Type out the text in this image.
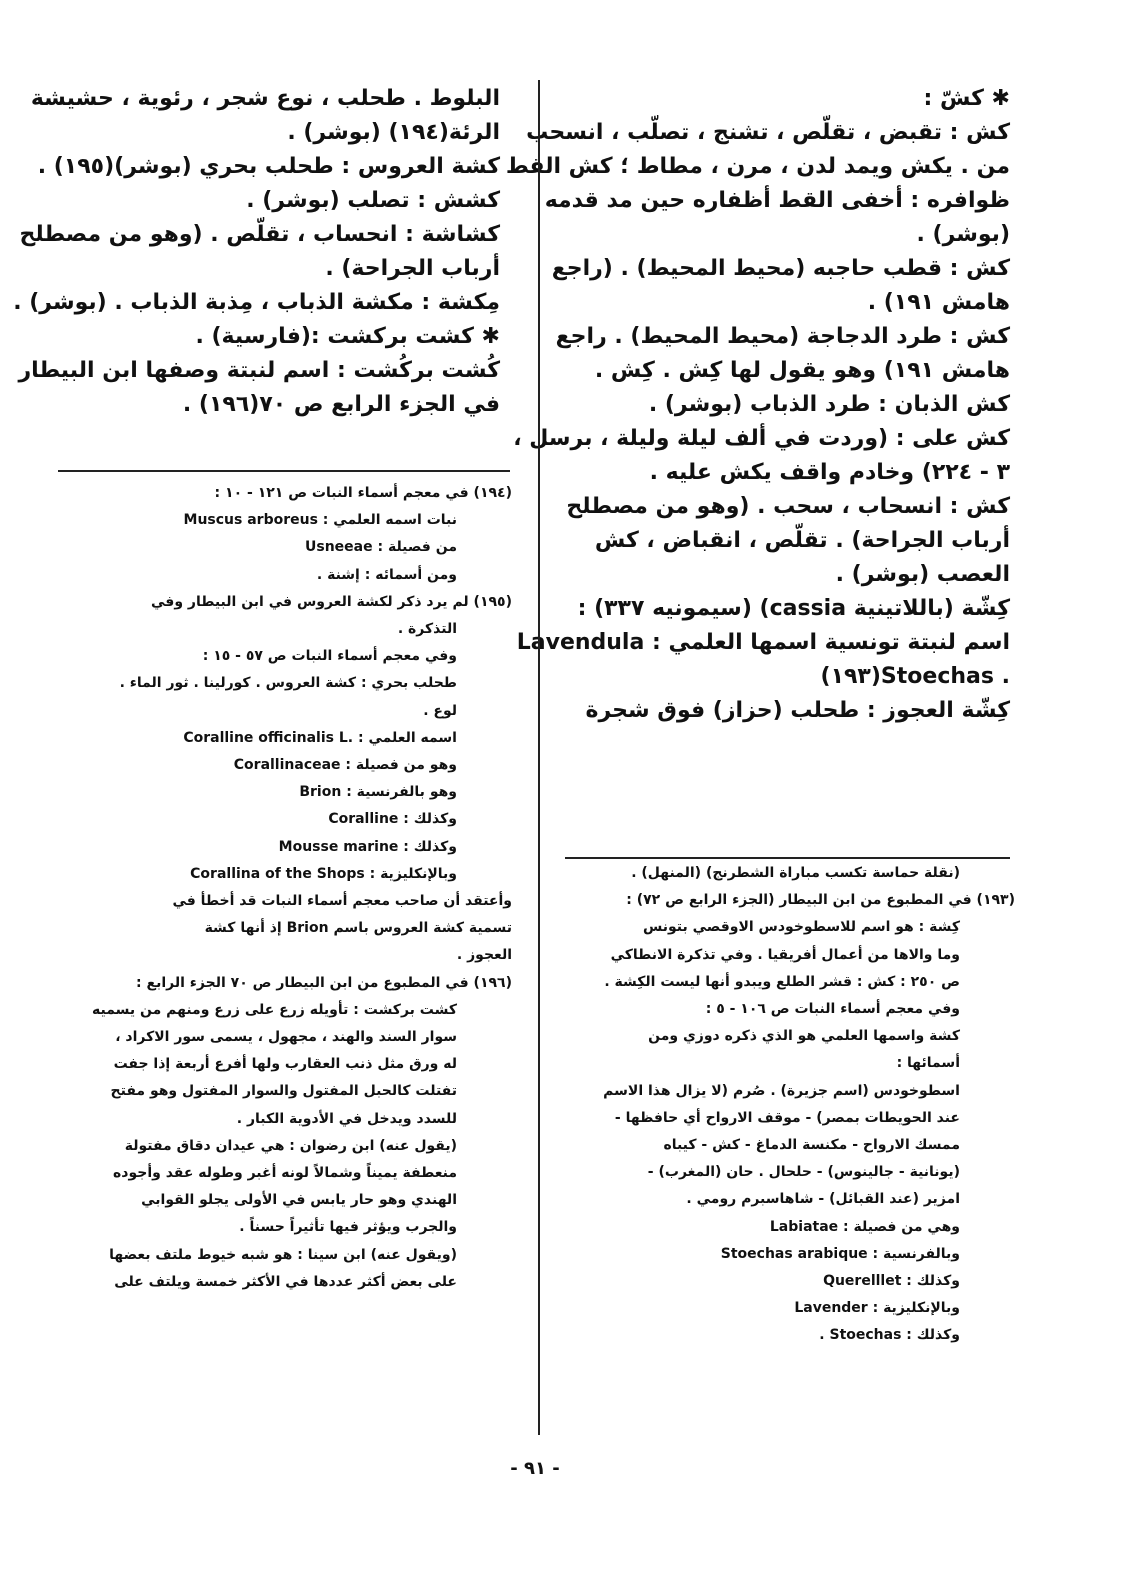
✱ كشّ :
كش : تقبض ، تقلّص ، تشنج ، تصلّب ، انسحب
من . يكش ويمد لدن ، مرن ، مطاط ؛ كش القط
ظوافره : أخفى القط أظفاره حين مد قدمه
(بوشر) .
كش : قطب حاجبه (محيط المحيط) . (راجع
هامش ١٩١) .
كش : طرد الدجاجة (محيط المحيط) . راجع
هامش ١٩١) وهو يقول لها كِش . كِش .
كش الذبان : طرد الذباب (بوشر) .
كش على : (وردت في ألف ليلة وليلة ، برسل ،
٣ - ٢٢٤) وخادم واقف يكش عليه .
كش : انسحاب ، سحب . (وهو من مصطلح
أرباب الجراحة) . تقلّص ، انقباض ، كش
العصب (بوشر) .
كِشّة (باللاتينية cassia) (سيمونيه ٣٣٧) :
اسم لنبتة تونسية اسمها العلمي : Lavendula
. Stoechas(١٩٣)
كِشّة العجوز : طحلب (حزاز) فوق شجرة
البلوط . طحلب ، نوع شجر ، رئوية ، حشيشة
الرئة(١٩٤) (بوشر) .
كشة العروس : طحلب بحري (بوشر)(١٩٥) .
كشش : تصلب (بوشر) .
كشاشة : انحساب ، تقلّص . (وهو من مصطلح
أرباب الجراحة) .
مِكشة : مكشة الذباب ، مِذبة الذباب . (بوشر) .
✱ كشت بركشت :(فارسية) .
كُشت بركُشت : اسم لنبتة وصفها ابن البيطار
في الجزء الرابع ص ٧٠(١٩٦) .
(١٩٤) في معجم أسماء النبات ص ١٢١ - ١٠ :
نبات اسمه العلمي : Muscus arboreus
من فصيلة : Usneeae
ومن أسمائه : إشنة .
(١٩٥) لم يرد ذكر لكشة العروس في ابن البيطار وفي
التذكرة .
وفي معجم أسماء النبات ص ٥٧ - ١٥ :
طحلب بحري : كشة العروس . كورلينا . ثور الماء .
لوع .
اسمه العلمي : .Coralline officinalis L
وهو من فصيلة : Corallinaceae
وهو بالفرنسية : Brion
وكذلك : Coralline
وكذلك : Mousse marine
وبالإنكليزية : Corallina of the Shops
وأعتقد أن صاحب معجم أسماء النبات قد أخطأ في
تسمية كشة العروس باسم Brion إذ أنها كشة
العجوز .
(١٩٦) في المطبوع من ابن البيطار ص ٧٠ الجزء الرابع :
كشت بركشت : تأويله زرع على زرع ومنهم من يسميه
سوار السند والهند ، مجهول ، يسمى سور الاكراد ،
له ورق مثل ذنب العقارب ولها أفرع أربعة إذا جفت
تفتلت كالحبل المفتول والسوار المفتول وهو مفتح
للسدد ويدخل في الأدوية الكبار .
(يقول عنه) ابن رضوان : هي عيدان دقاق مفتولة
منعطفة يميناً وشمالاً لونه أغبر وطوله عقد وأجوده
الهندي وهو حار يابس في الأولى يجلو القوابي
والجرب ويؤثر فيها تأثيراً حسناً .
(ويقول عنه) ابن سينا : هو شبه خيوط ملتف بعضها
على بعض أكثر عددها في الأكثر خمسة ويلتف على
(نقلة حماسة تكسب مباراة الشطرنج) (المنهل) .
(١٩٣) في المطبوع من ابن البيطار (الجزء الرابع ص ٧٢) :
كِشة : هو اسم للاسطوخودس الاوقصي بتونس
وما والاها من أعمال أفريقيا . وفي تذكرة الانطاكي
ص ٢٥٠ : كش : قشر الطلع ويبدو أنها ليست الكِشة .
وفي معجم أسماء النبات ص ١٠٦ - ٥ :
كشة واسمها العلمي هو الذي ذكره دوزي ومن
أسمائها :
اسطوخودس (اسم جزيرة) . صُرم (لا يزال هذا الاسم
عند الحويطات بمصر) - موقف الارواح أي حافظها -
ممسك الارواح - مكنسة الدماغ - كش - كيباه
(يونانية - جالينوس) - حلحال . حان (المغرب) -
امزير (عند القبائل) - شاهاسبرم رومي .
وهي من فصيلة : Labiatae
وبالفرنسية : Stoechas arabique
وكذلك : Querelllet
وبالإنكليزية : Lavender
وكذلك : Stoechas .
- ٩١ -
